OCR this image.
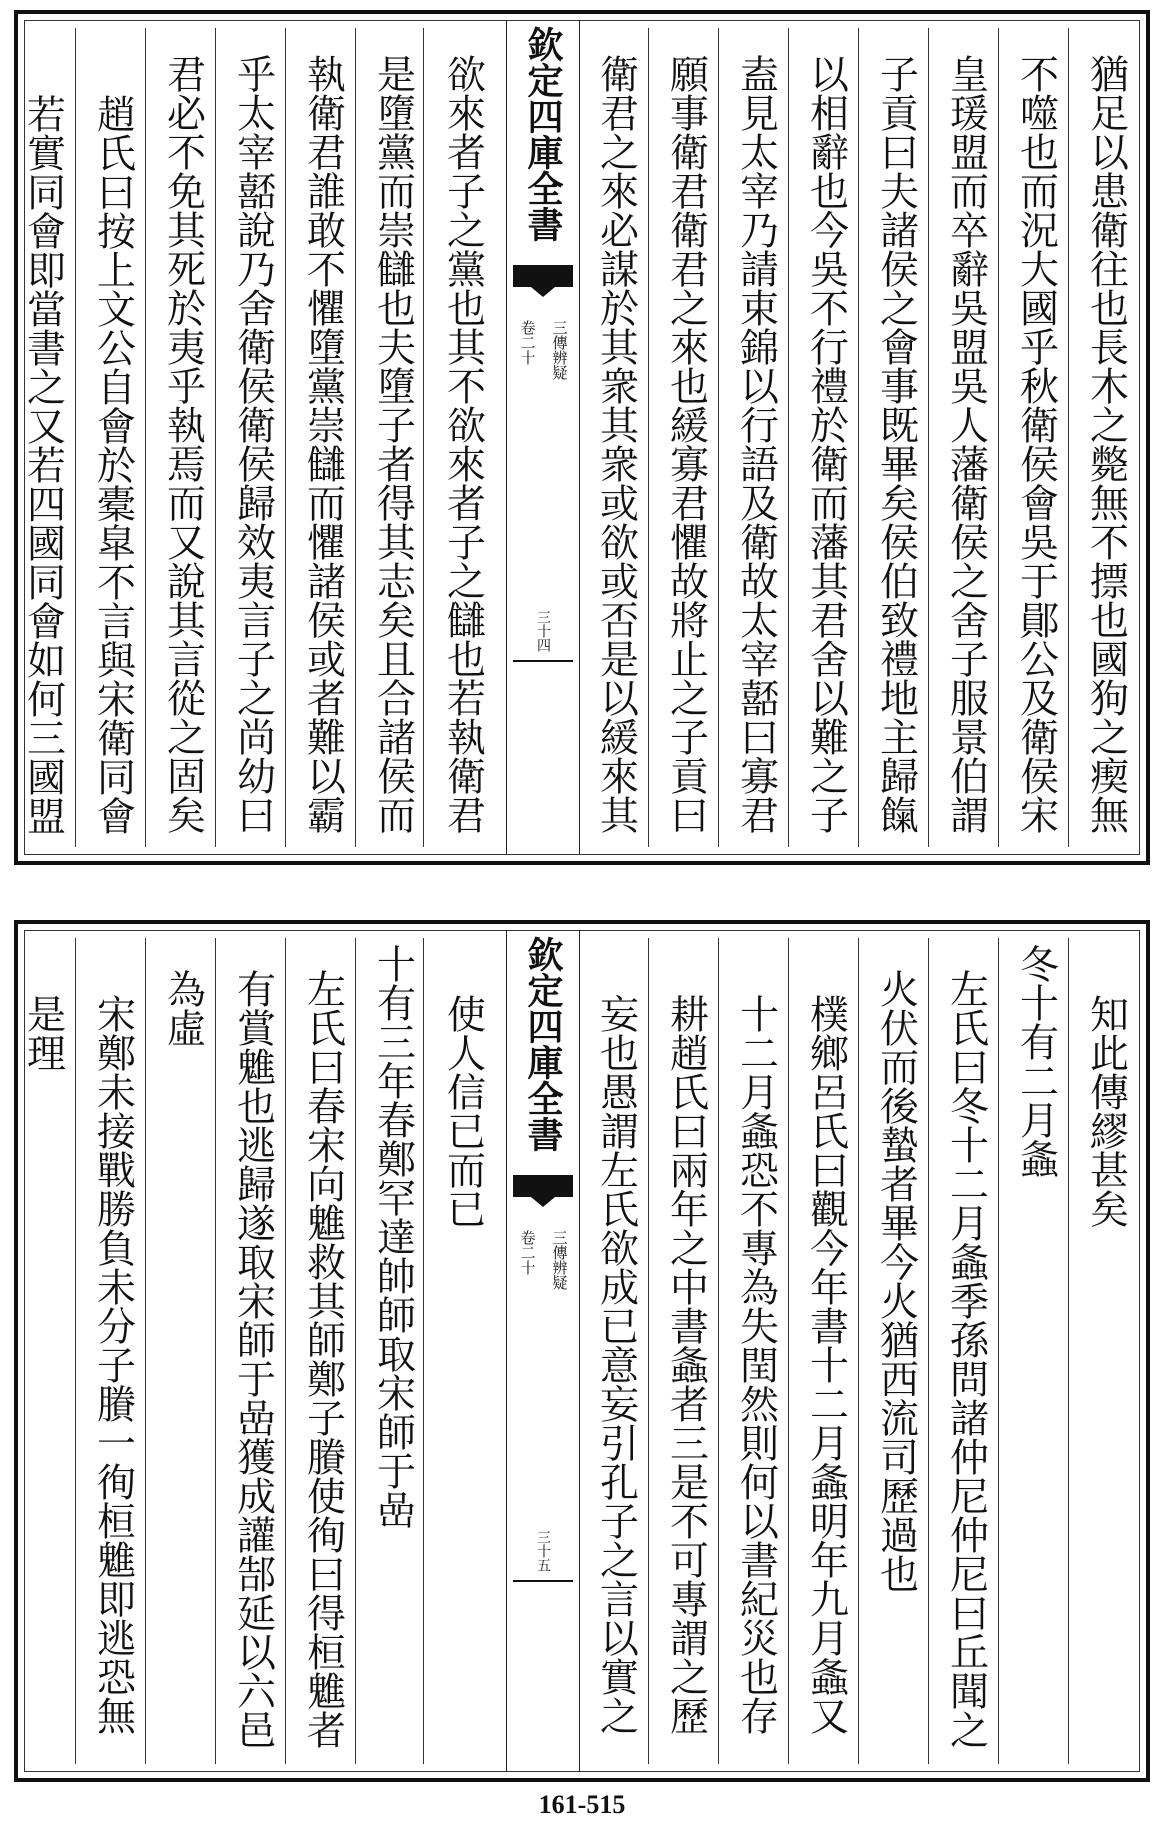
猶足以患衛往也長木之斃無不摽也國狗之瘈無
不噬也而況大國乎秋衛侯會吳于鄖公及衛侯宋
皇瑗盟而卒辭吳盟吳人藩衛侯之舍子服景伯謂
子貢曰夫諸侯之會事既畢矣侯伯致禮地主歸餼
以相辭也今吳不行禮於衛而藩其君舍以難之子
盍見太宰乃請束錦以行語及衛故太宰嚭曰寡君
願事衛君衛君之來也緩寡君懼故將止之子貢曰
衛君之來必謀於其衆其衆或欲或否是以緩來其
欽定四庫全書
卷二十 三傳辨疑
三十四
欲來者子之黨也其不欲來者子之讎也若執衛君
是墮黨而崇讎也夫墮子者得其志矣且合諸侯而
執衛君誰敢不懼墮黨崇讎而懼諸侯或者難以霸
乎太宰嚭說乃舍衛侯衛侯歸效夷言子之尚幼曰
君必不免其死於夷乎執焉而又說其言從之固矣
趙氏曰按上文公自會於橐皐不言與宋衛同會
若實同會即當書之又若四國同會如何三國盟
知此傳繆甚矣
冬十有二月螽
左氏曰冬十二月螽季孫問諸仲尼仲尼曰丘聞之
火伏而後蟄者畢今火猶西流司歷過也
樸鄉呂氏曰觀今年書十二月螽明年九月螽又
十二月螽恐不專為失閏然則何以書紀災也存
耕趙氏曰兩年之中書螽者三是不可專謂之歷
妄也愚謂左氏欲成已意妄引孔子之言以實之
欽定四庫全書
卷二十 三傳辨疑
三十五
使人信已而已
十有三年春鄭罕達帥師取宋師于嵒
左氏曰春宋向魋救其師鄭子賸使徇曰得桓魋者
有賞魋也逃歸遂取宋師于嵒獲成讙郜延以六邑
為虛
宋鄭未接戰勝負未分子賸一徇桓魋即逃恐無
是理
161-515
